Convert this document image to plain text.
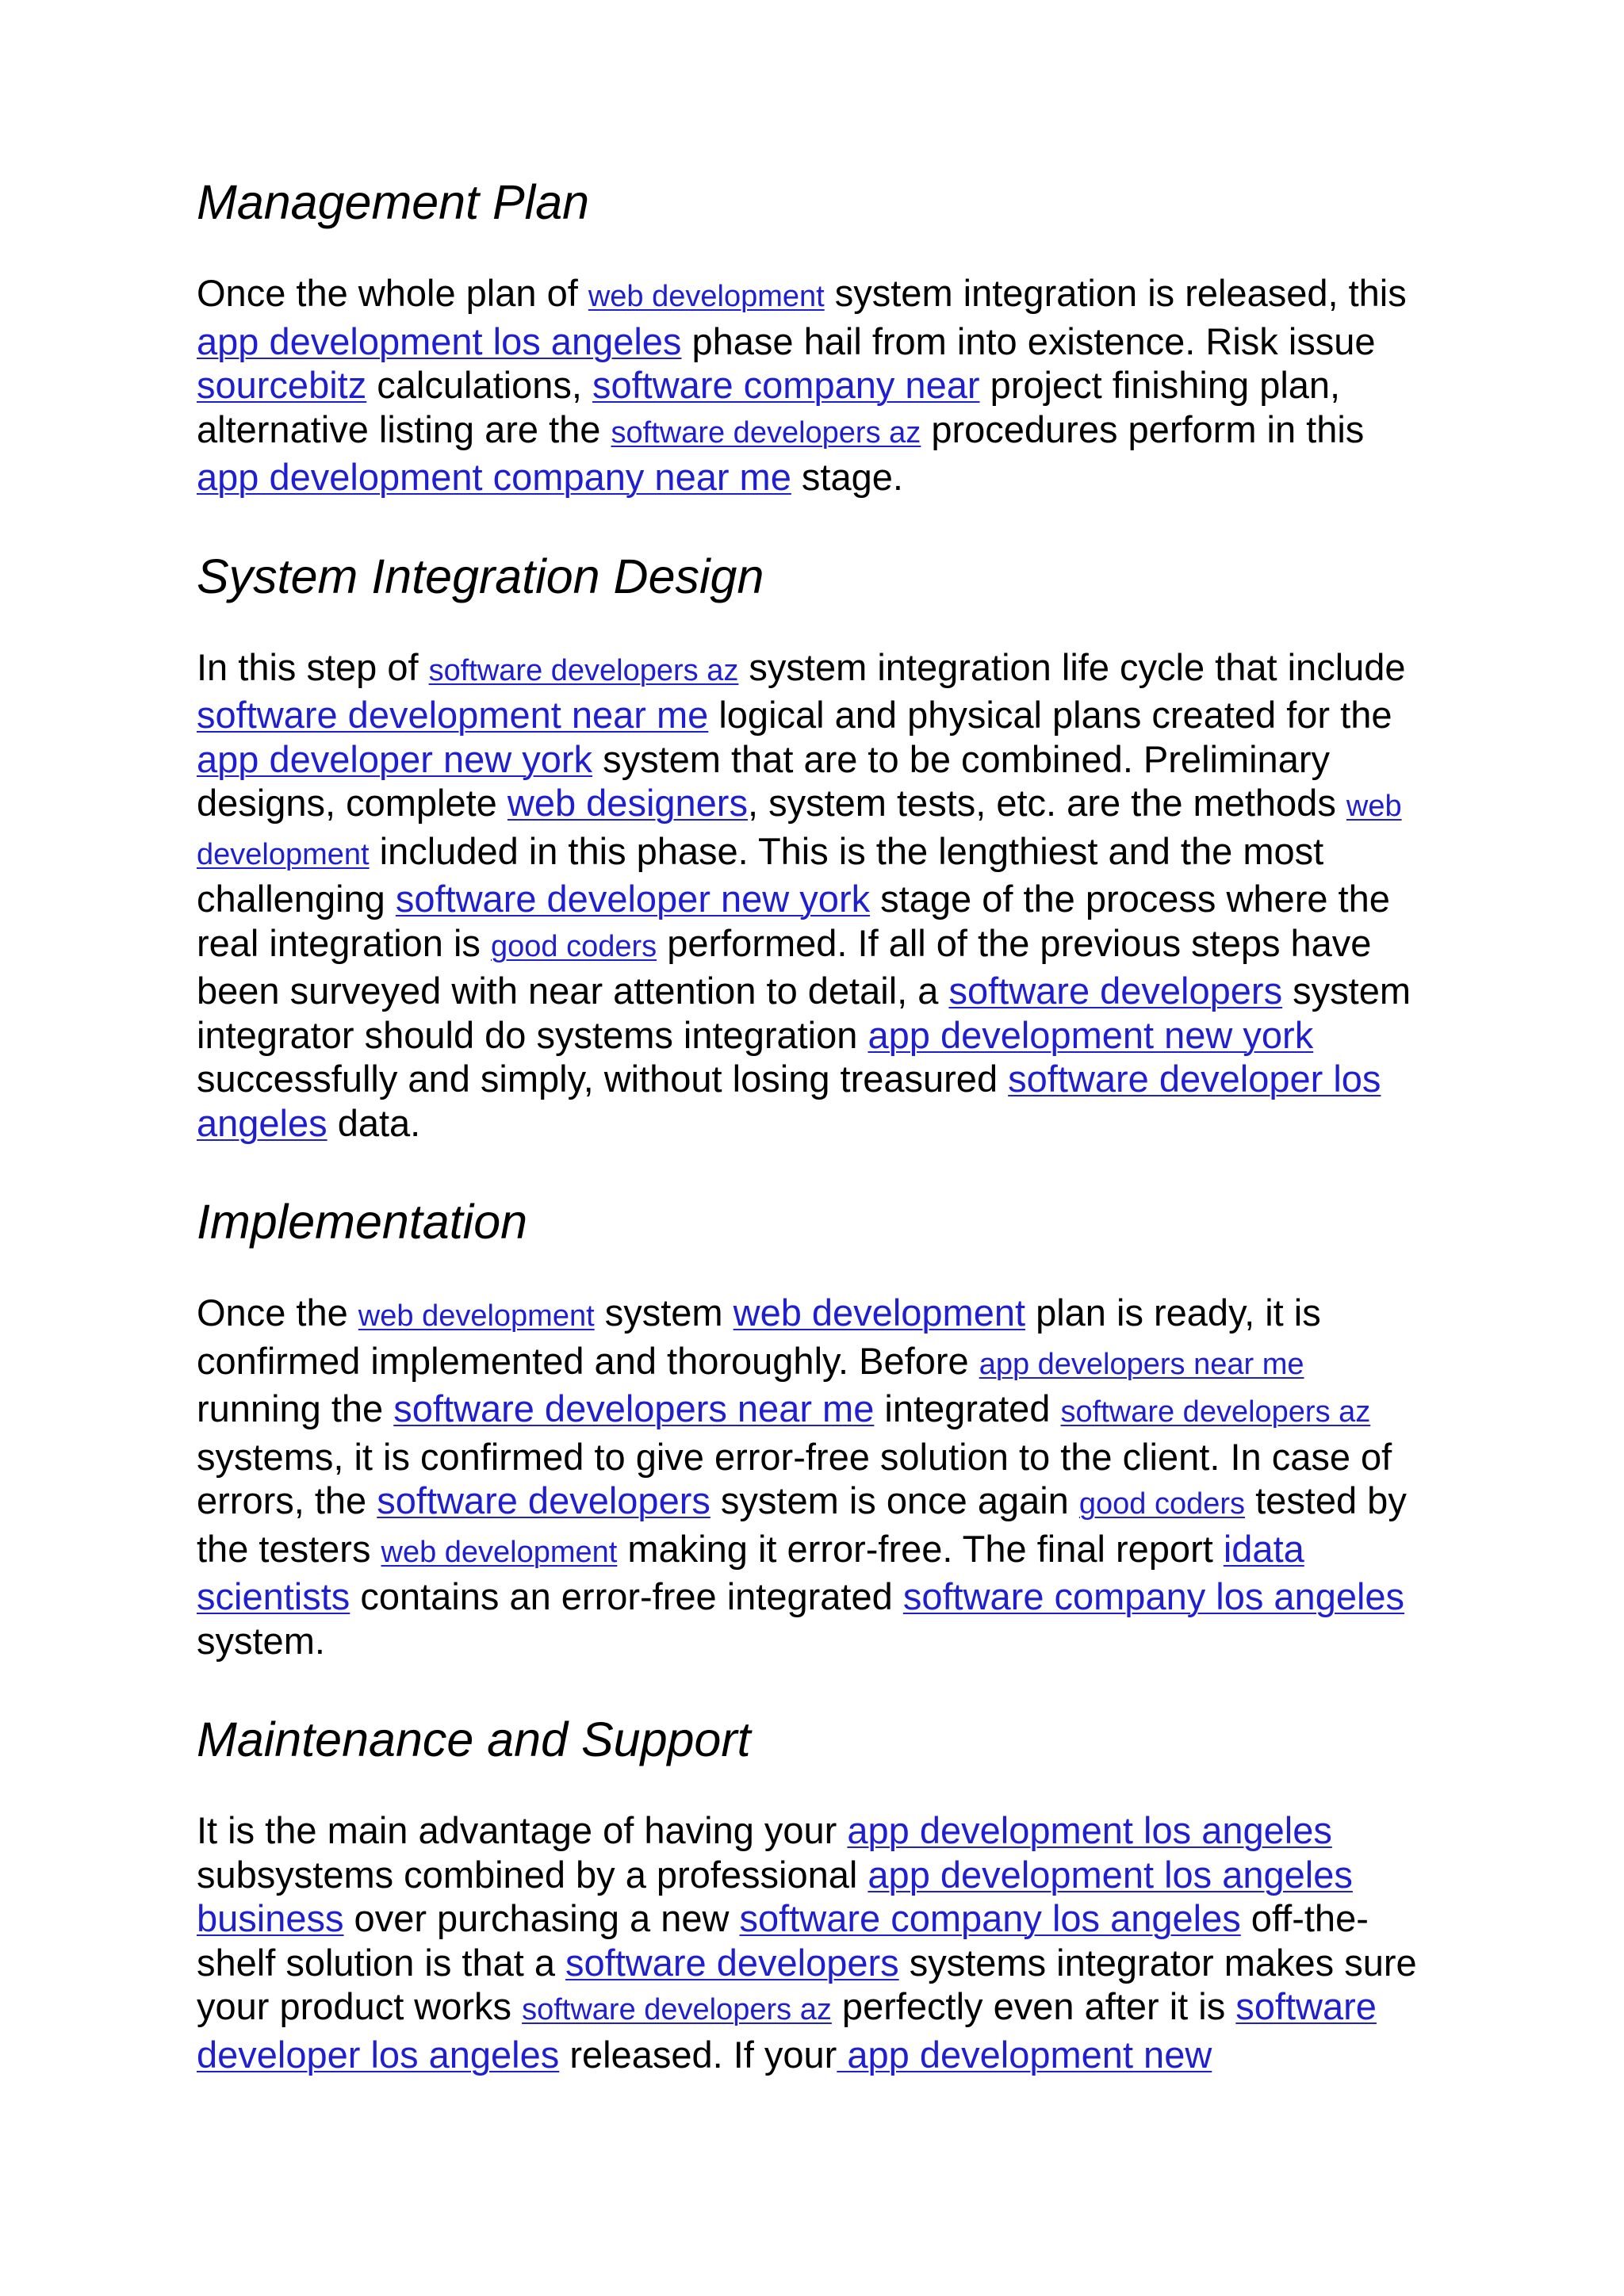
Management Plan

Once the whole plan of web development system integration is released, this app development los angeles phase hail from into existence. Risk issue sourcebitz calculations, software company near project finishing plan, alternative listing are the software developers az procedures perform in this app development company near me stage.

System Integration Design

In this step of software developers az system integration life cycle that include software development near me logical and physical plans created for the app developer new york system that are to be combined. Preliminary designs, complete web designers, system tests, etc. are the methods web development included in this phase. This is the lengthiest and the most challenging software developer new york stage of the process where the real integration is good coders performed. If all of the previous steps have been surveyed with near attention to detail, a software developers system integrator should do systems integration app development new york successfully and simply, without losing treasured software developer los angeles data.

Implementation

Once the web development system web development plan is ready, it is confirmed implemented and thoroughly. Before app developers near me running the software developers near me integrated software developers az systems, it is confirmed to give error-free solution to the client. In case of errors, the software developers system is once again good coders tested by the testers web development making it error-free. The final report idata scientists contains an error-free integrated software company los angeles system.

Maintenance and Support

It is the main advantage of having your app development los angeles subsystems combined by a professional app development los angeles business over purchasing a new software company los angeles off-the-shelf solution is that a software developers systems integrator makes sure your product works software developers az perfectly even after it is software developer los angeles released. If your app development new
